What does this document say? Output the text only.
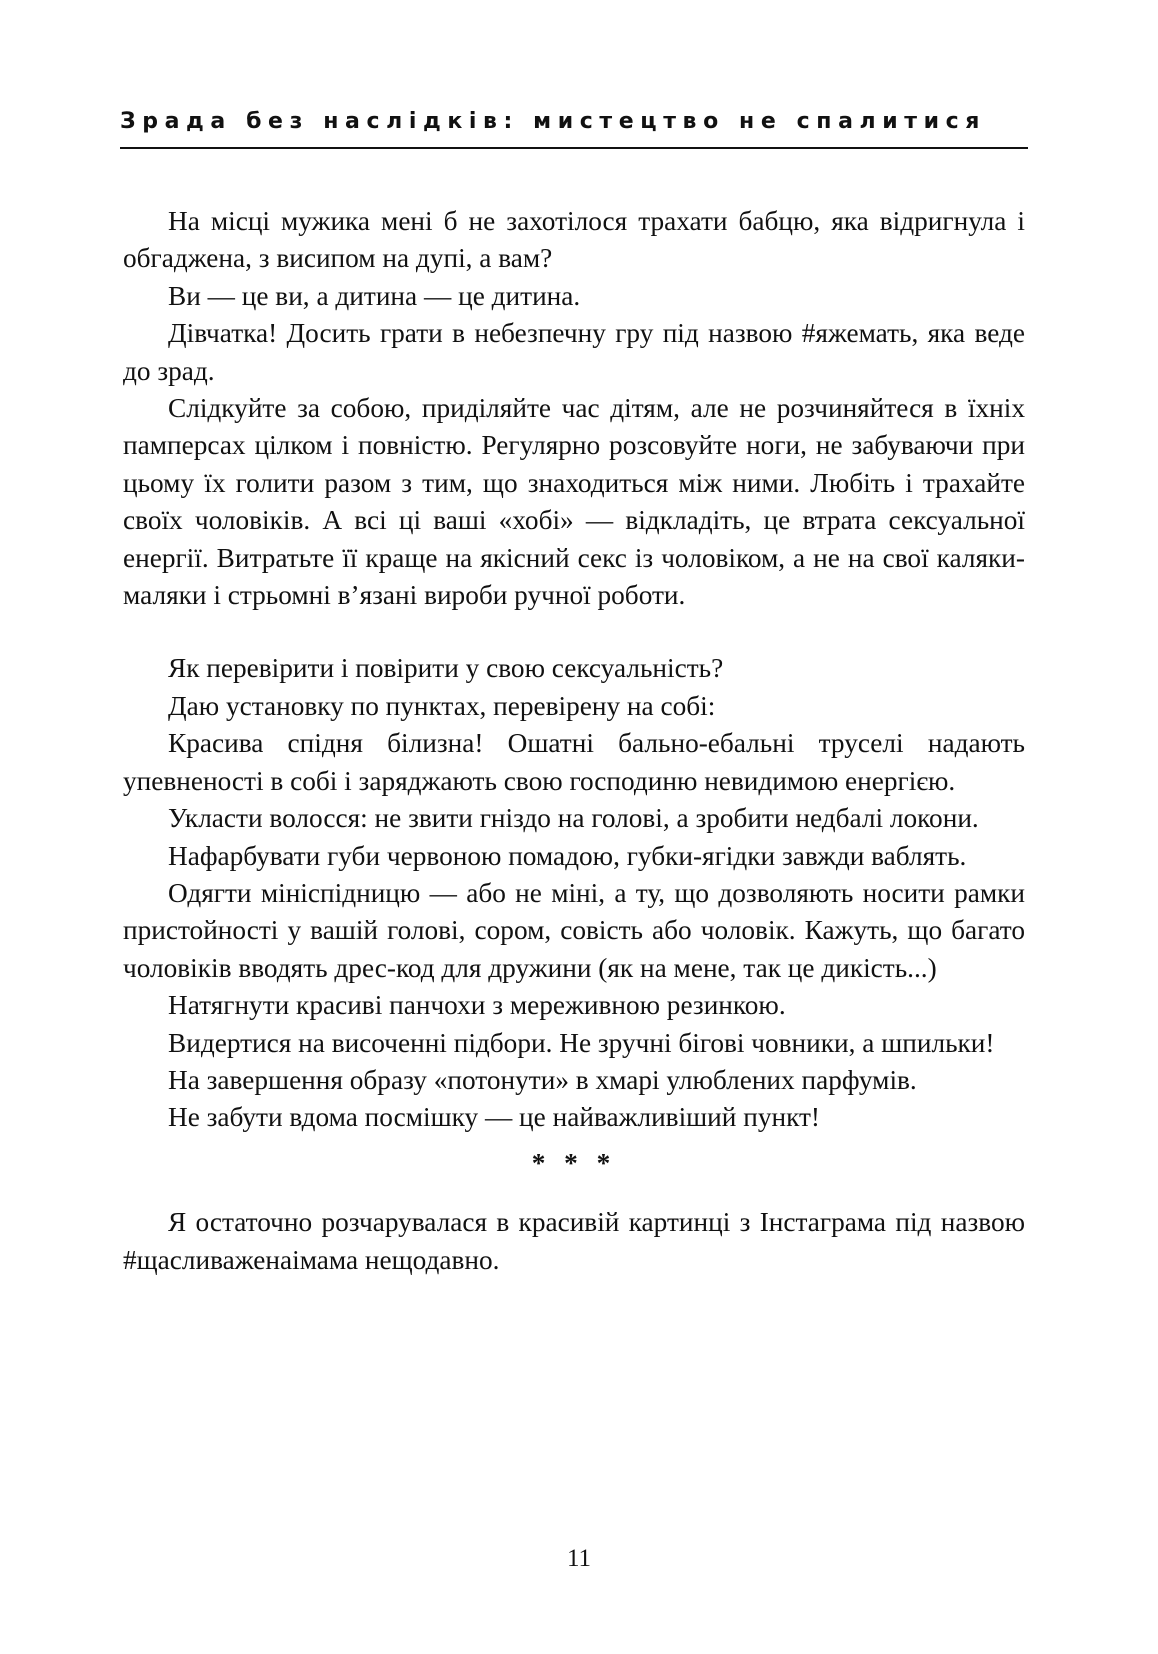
Зрада без наслідків: мистецтво не спалитися

На місці мужика мені б не захотілося трахати бабцю, яка відригнула і обгаджена, з висипом на дупі, а вам?

Ви — це ви, а дитина — це дитина.

Дівчатка! Досить грати в небезпечну гру під назвою #яжемать, яка веде до зрад.

Слідкуйте за собою, приділяйте час дітям, але не розчиняйтеся в їхніх памперсах цілком і повністю. Регулярно розсовуйте ноги, не забуваючи при цьому їх голити разом з тим, що знаходиться між ними. Любіть і трахайте своїх чоловіків. А всі ці ваші «хобі» — відкладіть, це втрата сексуальної енергії. Витратьте її краще на якісний секс із чоловіком, а не на свої каляки-маляки і стрьомні в’язані вироби ручної роботи.

Як перевірити і повірити у свою сексуальність?

Даю установку по пунктах, перевірену на собі:

Красива спідня білизна! Ошатні бально-ебальні труселі надають упевненості в собі і заряджають свою господиню невидимою енергією.

Укласти волосся: не звити гніздо на голові, а зробити недбалі локони.

Нафарбувати губи червоною помадою, губки-ягідки завжди ваблять.

Одягти мініспідницю — або не міні, а ту, що дозволяють носити рамки пристойності у вашій голові, сором, совість або чоловік. Кажуть, що багато чоловіків вводять дрес-код для дружини (як на мене, так це дикість...)

Натягнути красиві панчохи з мереживною резинкою.

Видертися на височенні підбори. Не зручні бігові човники, а шпильки!

На завершення образу «потонути» в хмарі улюблених парфумів.

Не забути вдома посмішку — це найважливіший пункт!

* * *

Я остаточно розчарувалася в красивій картинці з Інстаграма під назвою #щасливаженаімама нещодавно.

11
